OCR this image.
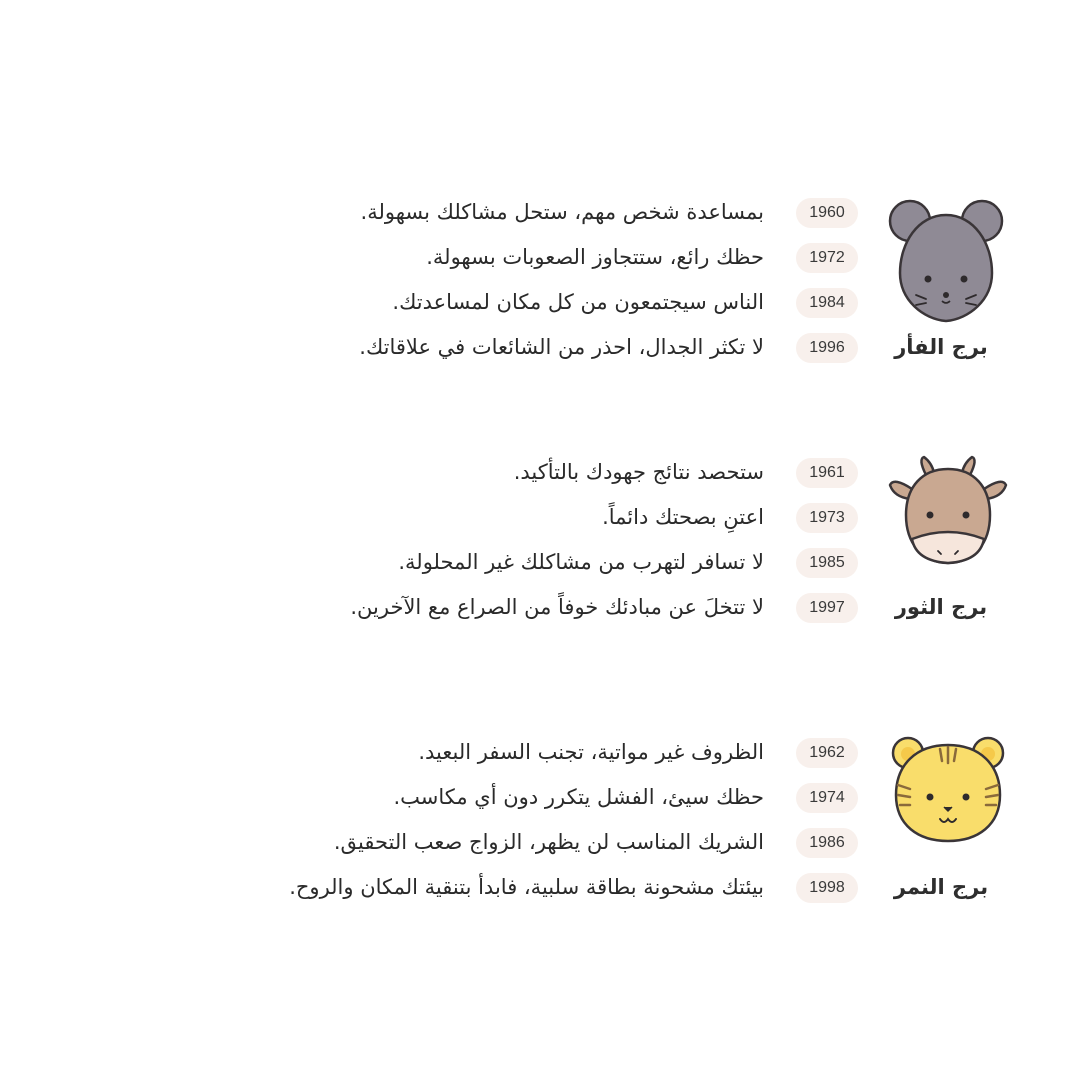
برج الفأر
1960
بمساعدة شخص مهم، ستحل مشاكلك بسهولة.
1972
حظك رائع، ستتجاوز الصعوبات بسهولة.
1984
الناس سيجتمعون من كل مكان لمساعدتك.
1996
لا تكثر الجدال، احذر من الشائعات في علاقاتك.
برج الثور
1961
ستحصد نتائج جهودك بالتأكيد.
1973
اعتنِ بصحتك دائماً.
1985
لا تسافر لتهرب من مشاكلك غير المحلولة.
1997
لا تتخلَ عن مبادئك خوفاً من الصراع مع الآخرين.
برج النمر
1962
الظروف غير مواتية، تجنب السفر البعيد.
1974
حظك سيئ، الفشل يتكرر دون أي مكاسب.
1986
الشريك المناسب لن يظهر، الزواج صعب التحقيق.
1998
بيئتك مشحونة بطاقة سلبية، فابدأ بتنقية المكان والروح.
